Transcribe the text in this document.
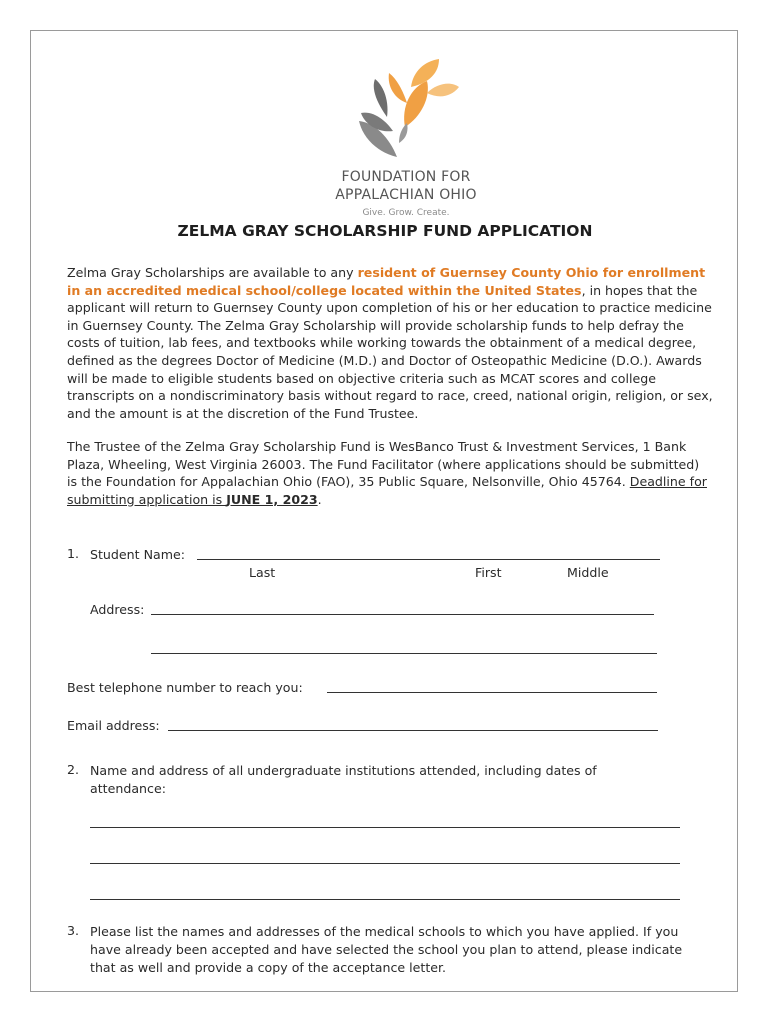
FOUNDATION FOR
APPALACHIAN OHIO
Give. Grow. Create.
ZELMA GRAY SCHOLARSHIP FUND APPLICATION
Zelma Gray Scholarships are available to any resident of Guernsey County Ohio for enrollment in an accredited medical school/college located within the United States, in hopes that the applicant will return to Guernsey County upon completion of his or her education to practice medicine in Guernsey County. The Zelma Gray Scholarship will provide scholarship funds to help defray the costs of tuition, lab fees, and textbooks while working towards the obtainment of a medical degree, defined as the degrees Doctor of Medicine (M.D.) and Doctor of Osteopathic Medicine (D.O.). Awards will be made to eligible students based on objective criteria such as MCAT scores and college transcripts on a nondiscriminatory basis without regard to race, creed, national origin, religion, or sex, and the amount is at the discretion of the Fund Trustee.
The Trustee of the Zelma Gray Scholarship Fund is WesBanco Trust & Investment Services, 1 Bank Plaza, Wheeling, West Virginia 26003. The Fund Facilitator (where applications should be submitted) is the Foundation for Appalachian Ohio (FAO), 35 Public Square, Nelsonville, Ohio 45764. Deadline for submitting application is JUNE 1, 2023.
1. Student Name:
Last	First	Middle
Address:
Best telephone number to reach you:
Email address:
2. Name and address of all undergraduate institutions attended, including dates of attendance:
3. Please list the names and addresses of the medical schools to which you have applied. If you have already been accepted and have selected the school you plan to attend, please indicate that as well and provide a copy of the acceptance letter.
